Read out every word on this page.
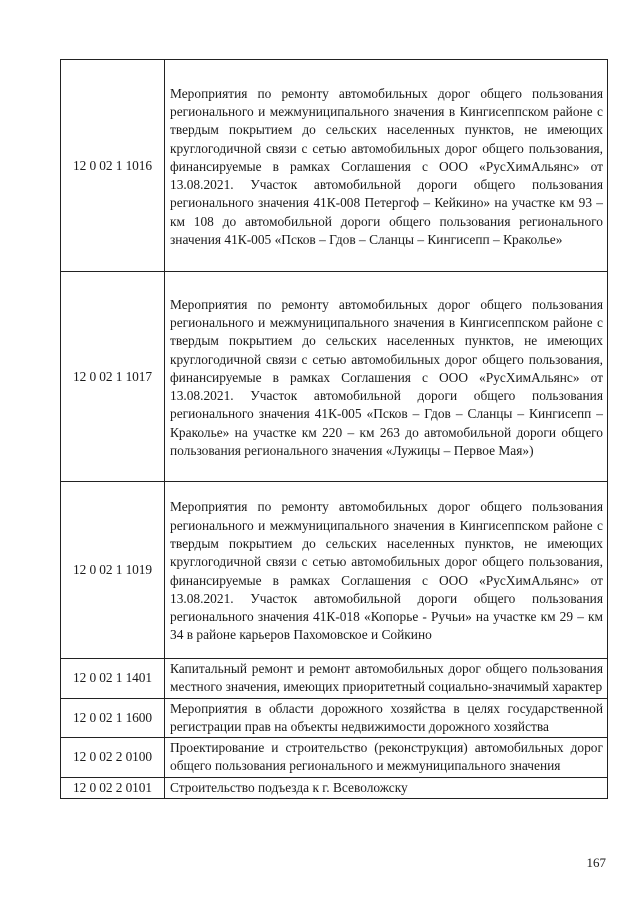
12 0 02 1 1016	Мероприятия по ремонту автомобильных дорог общего пользования регионального и межмуниципального значения в Кингисеппском районе с твердым покрытием до сельских населенных пунктов, не имеющих круглогодичной связи с сетью автомобильных дорог общего пользования, финансируемые в рамках Соглашения с ООО «РусХимАльянс» от 13.08.2021. Участок автомобильной дороги общего пользования регионального значения 41К-008 Петергоф – Кейкино» на участке км 93 – км 108 до автомобильной дороги общего пользования регионального значения 41К-005 «Псков – Гдов – Сланцы – Кингисепп – Краколье»
12 0 02 1 1017	Мероприятия по ремонту автомобильных дорог общего пользования регионального и межмуниципального значения в Кингисеппском районе с твердым покрытием до сельских населенных пунктов, не имеющих круглогодичной связи с сетью автомобильных дорог общего пользования, финансируемые в рамках Соглашения с ООО «РусХимАльянс» от 13.08.2021. Участок автомобильной дороги общего пользования регионального значения 41К-005 «Псков – Гдов – Сланцы – Кингисепп – Краколье» на участке км 220 – км 263 до автомобильной дороги общего пользования регионального значения «Лужицы – Первое Мая»)
12 0 02 1 1019	Мероприятия по ремонту автомобильных дорог общего пользования регионального и межмуниципального значения в Кингисеппском районе с твердым покрытием до сельских населенных пунктов, не имеющих круглогодичной связи с сетью автомобильных дорог общего пользования, финансируемые в рамках Соглашения с ООО «РусХимАльянс» от 13.08.2021. Участок автомобильной дороги общего пользования регионального значения 41К-018 «Копорье - Ручьи» на участке км 29 – км 34 в районе карьеров Пахомовское и Сойкино
12 0 02 1 1401	Капитальный ремонт и ремонт автомобильных дорог общего пользования местного значения, имеющих приоритетный социально-значимый характер
12 0 02 1 1600	Мероприятия в области дорожного хозяйства в целях государственной регистрации прав на объекты недвижимости дорожного хозяйства
12 0 02 2 0100	Проектирование и строительство (реконструкция) автомобильных дорог общего пользования регионального и межмуниципального значения
12 0 02 2 0101	Строительство подъезда к г. Всеволожску
167
